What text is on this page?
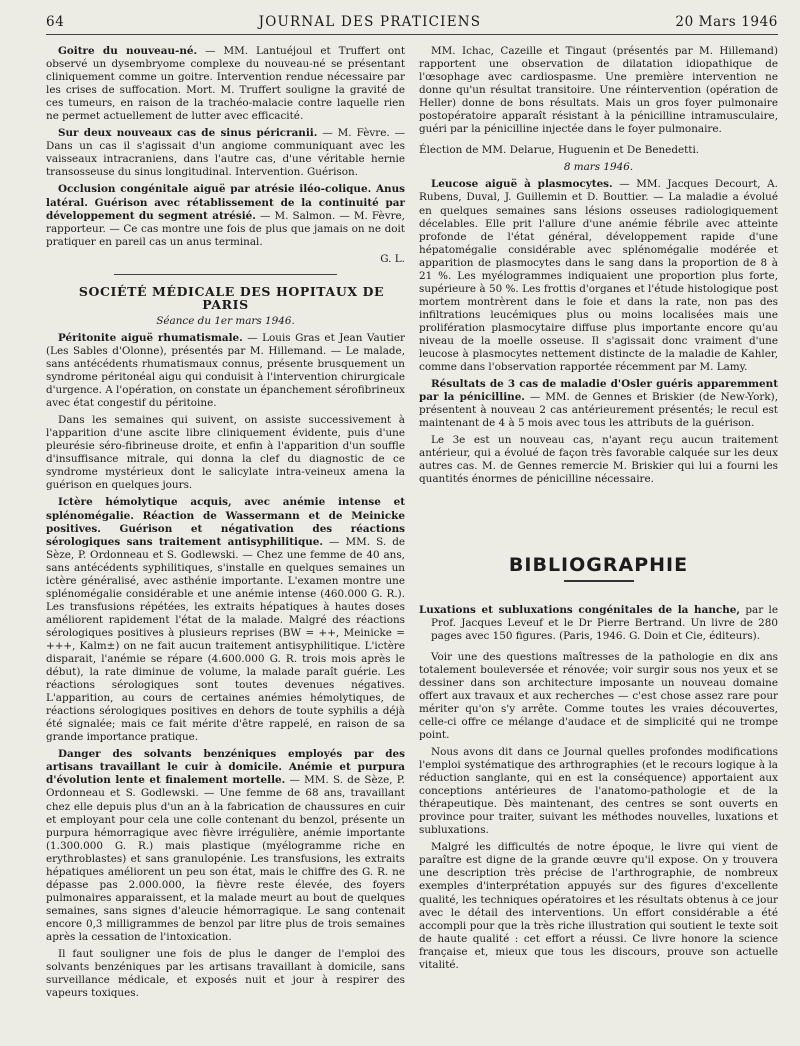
64	JOURNAL DES PRATICIENS	20 Mars 1946

Goitre du nouveau-né. — MM. Lantuéjoul et Truffert ont observé un dysembryome complexe du nouveau-né se présentant cliniquement comme un goitre. Intervention rendue nécessaire par les crises de suffocation. Mort. M. Truffert souligne la gravité de ces tumeurs, en raison de la trachéo-malacie contre laquelle rien ne permet actuellement de lutter avec efficacité.

Sur deux nouveaux cas de sinus péricranii. — M. Fèvre. — Dans un cas il s'agissait d'un angiome communiquant avec les vaisseaux intracraniens, dans l'autre cas, d'une véritable hernie transosseuse du sinus longitudinal. Intervention. Guérison.

Occlusion congénitale aiguë par atrésie iléo-colique. Anus latéral. Guérison avec rétablissement de la continuité par développement du segment atrésié. — M. Salmon. — M. Fèvre, rapporteur. — Ce cas montre une fois de plus que jamais on ne doit pratiquer en pareil cas un anus terminal.

G. L.

SOCIÉTÉ MÉDICALE DES HOPITAUX DE PARIS

Séance du 1er mars 1946.

Péritonite aiguë rhumatismale. — Louis Gras et Jean Vautier (Les Sables d'Olonne), présentés par M. Hillemand. — Le malade, sans antécédents rhumatismaux connus, présente brusquement un syndrome péritonéal aigu qui conduisit à l'intervention chirurgicale d'urgence. A l'opération, on constate un épanchement sérofibrineux avec état congestif du péritoine.

Dans les semaines qui suivent, on assiste successivement à l'apparition d'une ascite libre cliniquement évidente, puis d'une pleurésie séro-fibrineuse droite, et enfin à l'apparition d'un souffle d'insuffisance mitrale, qui donna la clef du diagnostic de ce syndrome mystérieux dont le salicylate intra-veineux amena la guérison en quelques jours.

Ictère hémolytique acquis, avec anémie intense et splénomégalie. Réaction de Wassermann et de Meinicke positives. Guérison et négativation des réactions sérologiques sans traitement antisyphilitique. — MM. S. de Sèze, P. Ordonneau et S. Godlewski. — Chez une femme de 40 ans, sans antécédents syphilitiques, s'installe en quelques semaines un ictère généralisé, avec asthénie importante. L'examen montre une splénomégalie considérable et une anémie intense (460.000 G. R.). Les transfusions répétées, les extraits hépatiques à hautes doses améliorent rapidement l'état de la malade. Malgré des réactions sérologiques positives à plusieurs reprises (BW = ++, Meinicke = +++, Kalm±) on ne fait aucun traitement antisyphilitique. L'ictère disparait, l'anémie se répare (4.600.000 G. R. trois mois après le début), la rate diminue de volume, la malade paraît guérie. Les réactions sérologiques sont toutes devenues négatives. L'apparition, au cours de certaines anémies hémolytiques, de réactions sérologiques positives en dehors de toute syphilis a déjà été signalée; mais ce fait mérite d'être rappelé, en raison de sa grande importance pratique.

Danger des solvants benzéniques employés par des artisans travaillant le cuir à domicile. Anémie et purpura d'évolution lente et finalement mortelle. — MM. S. de Sèze, P. Ordonneau et S. Godlewski. — Une femme de 68 ans, travaillant chez elle depuis plus d'un an à la fabrication de chaussures en cuir et employant pour cela une colle contenant du benzol, présente un purpura hémorragique avec fièvre irrégulière, anémie importante (1.300.000 G. R.) mais plastique (myélogramme riche en erythroblastes) et sans granulopénie. Les transfusions, les extraits hépatiques améliorent un peu son état, mais le chiffre des G. R. ne dépasse pas 2.000.000, la fièvre reste élevée, des foyers pulmonaires apparaissent, et la malade meurt au bout de quelques semaines, sans signes d'aleucie hémorragique. Le sang contenait encore 0,3 milligrammes de benzol par litre plus de trois semaines après la cessation de l'intoxication.

Il faut souligner une fois de plus le danger de l'emploi des solvants benzéniques par les artisans travaillant à domicile, sans surveillance médicale, et exposés nuit et jour à respirer des vapeurs toxiques.

MM. Ichac, Cazeille et Tingaut (présentés par M. Hillemand) rapportent une observation de dilatation idiopathique de l'œsophage avec cardiospasme. Une première intervention ne donne qu'un résultat transitoire. Une réintervention (opération de Heller) donne de bons résultats. Mais un gros foyer pulmonaire postopératoire apparaît résistant à la pénicilline intramusculaire, guéri par la pénicilline injectée dans le foyer pulmonaire.

Élection de MM. Delarue, Huguenin et De Benedetti.

8 mars 1946.

Leucose aiguë à plasmocytes. — MM. Jacques Decourt, A. Rubens, Duval, J. Guillemin et D. Bouttier. — La maladie a évolué en quelques semaines sans lésions osseuses radiologiquement décelables. Elle prit l'allure d'une anémie fébrile avec atteinte profonde de l'état général, développement rapide d'une hépatomégalie considérable avec splénomégalie modérée et apparition de plasmocytes dans le sang dans la proportion de 8 à 21 %. Les myélogrammes indiquaient une proportion plus forte, supérieure à 50 %. Les frottis d'organes et l'étude histologique post mortem montrèrent dans le foie et dans la rate, non pas des infiltrations leucémiques plus ou moins localisées mais une prolifération plasmocytaire diffuse plus importante encore qu'au niveau de la moelle osseuse. Il s'agissait donc vraiment d'une leucose à plasmocytes nettement distincte de la maladie de Kahler, comme dans l'observation rapportée récemment par M. Lamy.

Résultats de 3 cas de maladie d'Osler guéris apparemment par la pénicilline. — MM. de Gennes et Briskier (de New-York), présentent à nouveau 2 cas antérieurement présentés; le recul est maintenant de 4 à 5 mois avec tous les attributs de la guérison.

Le 3e est un nouveau cas, n'ayant reçu aucun traitement antérieur, qui a évolué de façon très favorable calquée sur les deux autres cas. M. de Gennes remercie M. Briskier qui lui a fourni les quantités énormes de pénicilline nécessaire.

BIBLIOGRAPHIE

Luxations et subluxations congénitales de la hanche, par le Prof. Jacques Leveuf et le Dr Pierre Bertrand. Un livre de 280 pages avec 150 figures. (Paris, 1946. G. Doin et Cie, éditeurs).

Voir une des questions maîtresses de la pathologie en dix ans totalement bouleversée et rénovée; voir surgir sous nos yeux et se dessiner dans son architecture imposante un nouveau domaine offert aux travaux et aux recherches — c'est chose assez rare pour mériter qu'on s'y arrête. Comme toutes les vraies découvertes, celle-ci offre ce mélange d'audace et de simplicité qui ne trompe point.

Nous avons dit dans ce Journal quelles profondes modifications l'emploi systématique des arthrographies (et le recours logique à la réduction sanglante, qui en est la conséquence) apportaient aux conceptions antérieures de l'anatomo-pathologie et de la thérapeutique. Dès maintenant, des centres se sont ouverts en province pour traiter, suivant les méthodes nouvelles, luxations et subluxations.

Malgré les difficultés de notre époque, le livre qui vient de paraître est digne de la grande œuvre qu'il expose. On y trouvera une description très précise de l'arthrographie, de nombreux exemples d'interprétation appuyés sur des figures d'excellente qualité, les techniques opératoires et les résultats obtenus à ce jour avec le détail des interventions. Un effort considérable a été accompli pour que la très riche illustration qui soutient le texte soit de haute qualité : cet effort a réussi. Ce livre honore la science française et, mieux que tous les discours, prouve son actuelle vitalité.
